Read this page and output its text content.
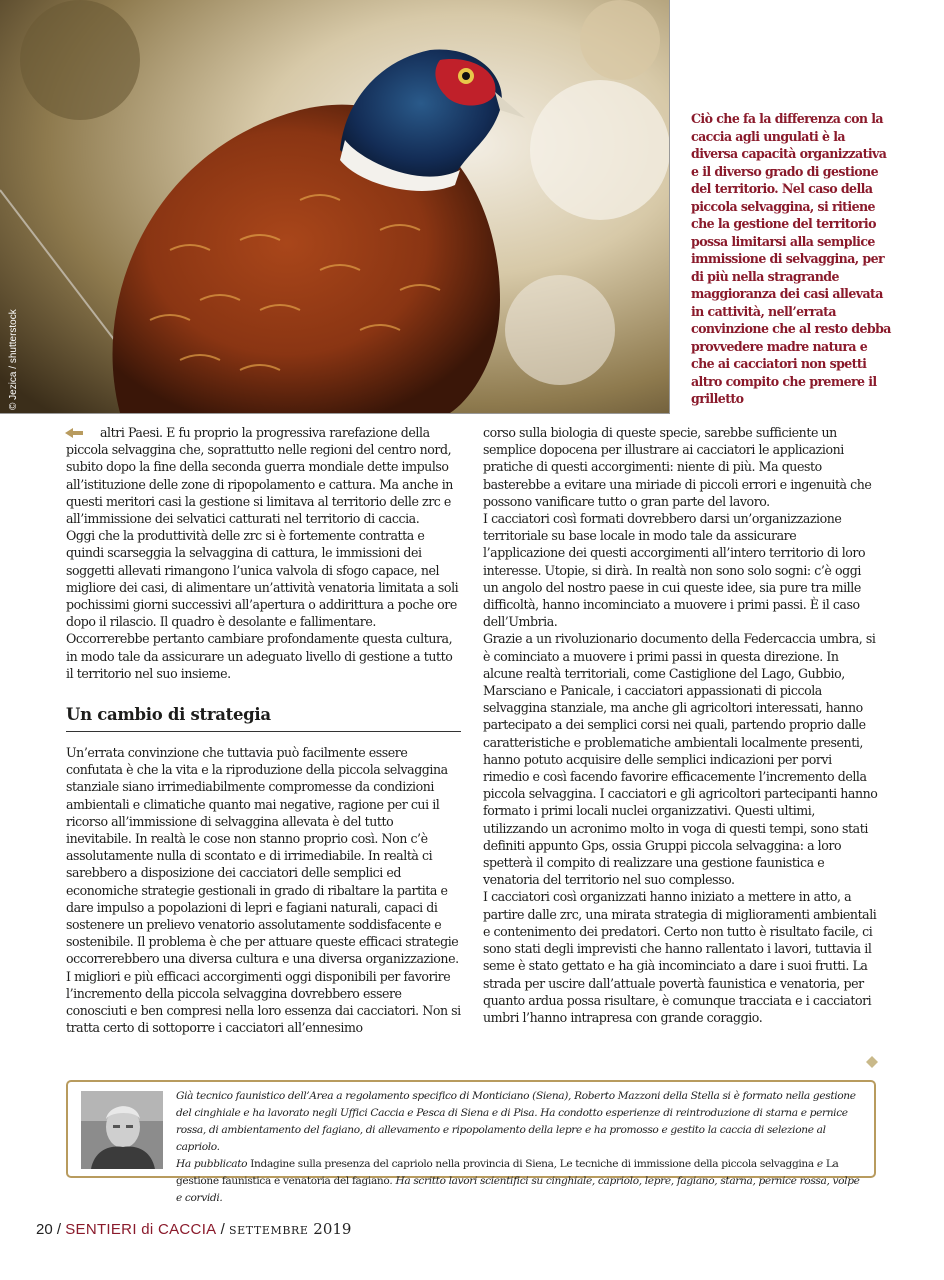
© Jezica / shutterstock

Ciò che fa la differenza con la caccia agli ungulati è la diversa capacità organizzativa e il diverso grado di gestione del territorio. Nel caso della piccola selvaggina, si ritiene che la gestione del territorio possa limitarsi alla semplice immissione di selvaggina, per di più nella stragrande maggioranza dei casi allevata in cattività, nell’errata convinzione che al resto debba provvedere madre natura e che ai cacciatori non spetti altro compito che premere il grilletto

altri Paesi. E fu proprio la progressiva rarefazione della piccola selvaggina che, soprattutto nelle regioni del centro nord, subito dopo la fine della seconda guerra mondiale dette impulso all’istituzione delle zone di ripopolamento e cattura. Ma anche in questi meritori casi la gestione si limitava al territorio delle zrc e all’immissione dei selvatici catturati nel territorio di caccia.

Oggi che la produttività delle zrc si è fortemente contratta e quindi scarseggia la selvaggina di cattura, le immissioni dei soggetti allevati rimangono l’unica valvola di sfogo capace, nel migliore dei casi, di alimentare un’attività venatoria limitata a soli pochissimi giorni successivi all’apertura o addirittura a poche ore dopo il rilascio. Il quadro è desolante e fallimentare. Occorrerebbe pertanto cambiare profondamente questa cultura, in modo tale da assicurare un adeguato livello di gestione a tutto il territorio nel suo insieme.

Un cambio di strategia

Un’errata convinzione che tuttavia può facilmente essere confutata è che la vita e la riproduzione della piccola selvaggina stanziale siano irrimediabilmente compromesse da condizioni ambientali e climatiche quanto mai negative, ragione per cui il ricorso all’immissione di selvaggina allevata è del tutto inevitabile. In realtà le cose non stanno proprio così. Non c’è assolutamente nulla di scontato e di irrimediabile. In realtà ci sarebbero a disposizione dei cacciatori delle semplici ed economiche strategie gestionali in grado di ribaltare la partita e dare impulso a popolazioni di lepri e fagiani naturali, capaci di sostenere un prelievo venatorio assolutamente soddisfacente e sostenibile. Il problema è che per attuare queste efficaci strategie occorrerebbero una diversa cultura e una diversa organizzazione.

I migliori e più efficaci accorgimenti oggi disponibili per favorire l’incremento della piccola selvaggina dovrebbero essere conosciuti e ben compresi nella loro essenza dai cacciatori. Non si tratta certo di sottoporre i cacciatori all’ennesimo

corso sulla biologia di queste specie, sarebbe sufficiente un semplice dopocena per illustrare ai cacciatori le applicazioni pratiche di questi accorgimenti: niente di più. Ma questo basterebbe a evitare una miriade di piccoli errori e ingenuità che possono vanificare tutto o gran parte del lavoro.

I cacciatori così formati dovrebbero darsi un’organizzazione territoriale su base locale in modo tale da assicurare l’applicazione dei questi accorgimenti all’intero territorio di loro interesse. Utopie, si dirà. In realtà non sono solo sogni: c’è oggi un angolo del nostro paese in cui queste idee, sia pure tra mille difficoltà, hanno incominciato a muovere i primi passi. È il caso dell’Umbria.

Grazie a un rivoluzionario documento della Federcaccia umbra, si è cominciato a muovere i primi passi in questa direzione. In alcune realtà territoriali, come Castiglione del Lago, Gubbio, Marsciano e Panicale, i cacciatori appassionati di piccola selvaggina stanziale, ma anche gli agricoltori interessati, hanno partecipato a dei semplici corsi nei quali, partendo proprio dalle caratteristiche e problematiche ambientali localmente presenti, hanno potuto acquisire delle semplici indicazioni per porvi rimedio e così facendo favorire efficacemente l’incremento della piccola selvaggina. I cacciatori e gli agricoltori partecipanti hanno formato i primi locali nuclei organizzativi. Questi ultimi, utilizzando un acronimo molto in voga di questi tempi, sono stati definiti appunto Gps, ossia Gruppi piccola selvaggina: a loro spetterà il compito di realizzare una gestione faunistica e venatoria del territorio nel suo complesso.

I cacciatori così organizzati hanno iniziato a mettere in atto, a partire dalle zrc, una mirata strategia di miglioramenti ambientali e contenimento dei predatori. Certo non tutto è risultato facile, ci sono stati degli imprevisti che hanno rallentato i lavori, tuttavia il seme è stato gettato e ha già incominciato a dare i suoi frutti. La strada per uscire dall’attuale povertà faunistica e venatoria, per quanto ardua possa risultare, è comunque tracciata e i cacciatori umbri l’hanno intrapresa con grande coraggio.

Già tecnico faunistico dell’Area a regolamento specifico di Monticiano (Siena), Roberto Mazzoni della Stella si è formato nella gestione del cinghiale e ha lavorato negli Uffici Caccia e Pesca di Siena e di Pisa. Ha condotto esperienze di reintroduzione di starna e pernice rossa, di ambientamento del fagiano, di allevamento e ripopolamento della lepre e ha promosso e gestito la caccia di selezione al capriolo.
Ha pubblicato Indagine sulla presenza del capriolo nella provincia di Siena, Le tecniche di immissione della piccola selvaggina e La gestione faunistica e venatoria del fagiano. Ha scritto lavori scientifici su cinghiale, capriolo, lepre, fagiano, starna, pernice rossa, volpe e corvidi.

20 / SENTIERI di CACCIA / SETTEMBRE 2019
